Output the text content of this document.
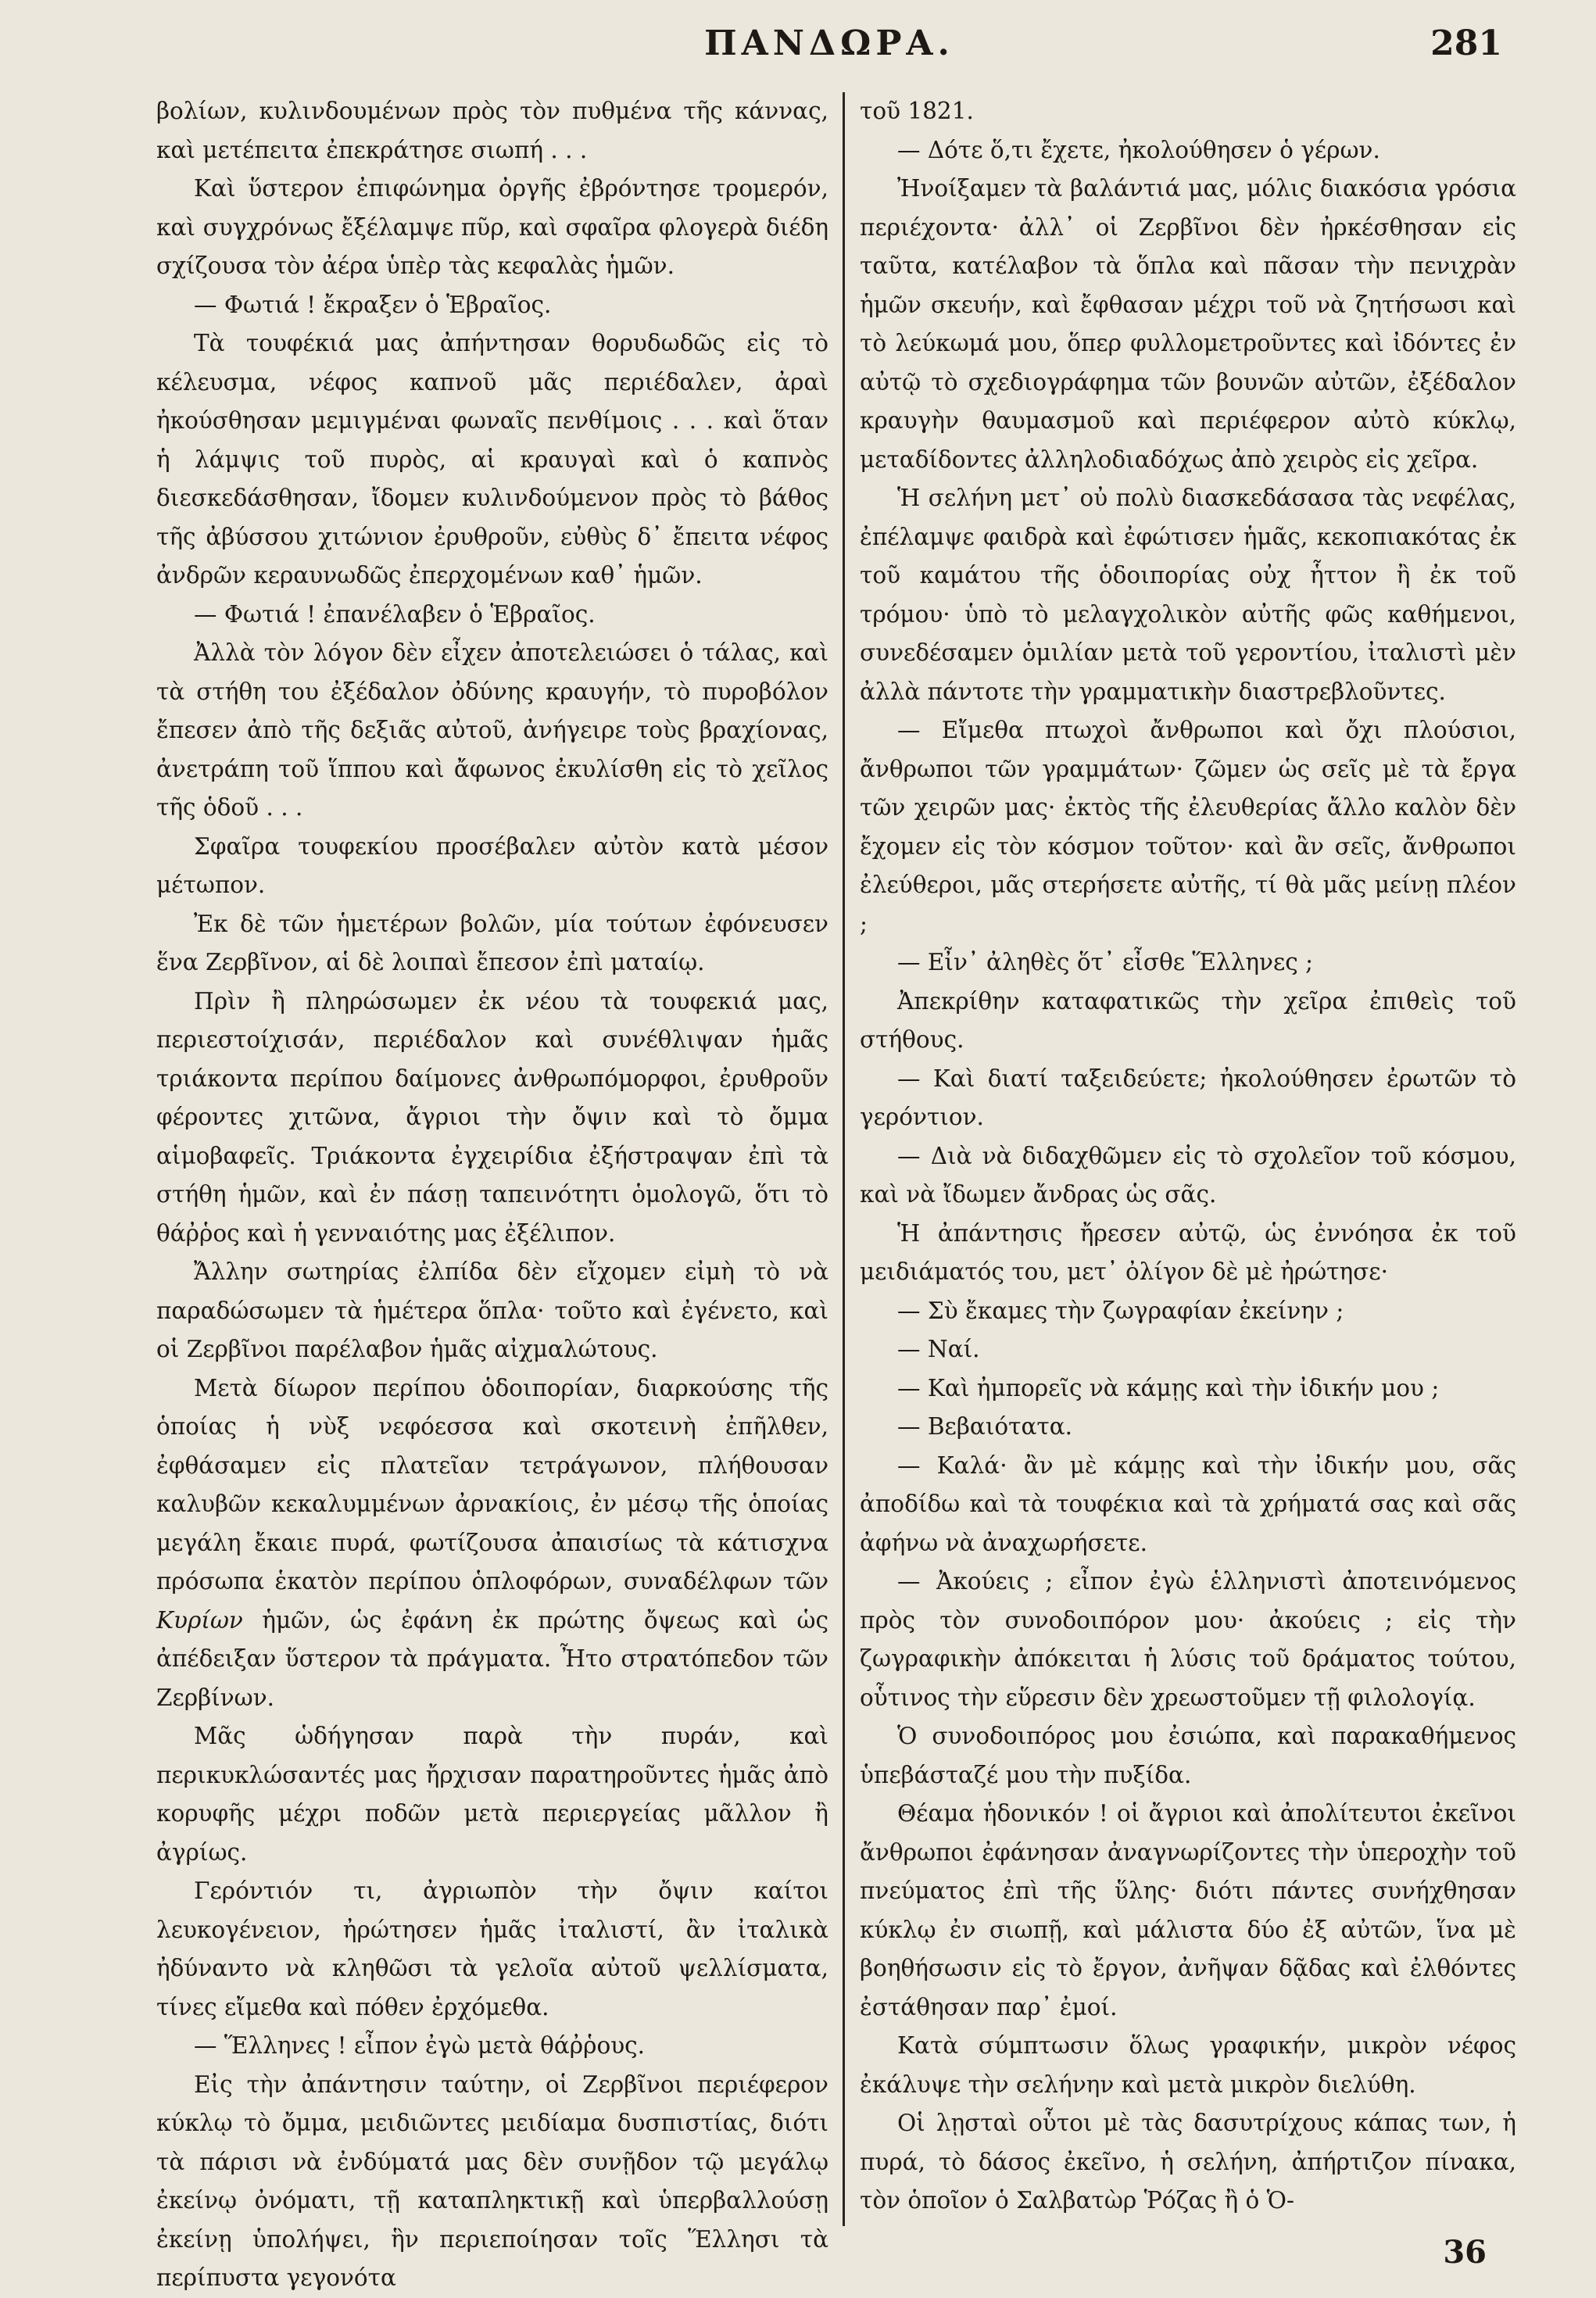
ΠΑΝΔΩΡΑ.	281

βολίων, κυλινδουμένων πρὸς τὸν πυθμένα τῆς κάννας, καὶ μετέπειτα ἐπεκράτησε σιωπή . . .

Καὶ ὕστερον ἐπιφώνημα ὀργῆς ἐβρόντησε τρομερόν, καὶ συγχρόνως ἔξέλαμψε πῦρ, καὶ σφαῖρα φλογερὰ διέδη σχίζουσα τὸν ἀέρα ὑπὲρ τὰς κεφαλὰς ἡμῶν.

— Φωτιά ! ἔκραξεν ὁ Ἑβραῖος.

Τὰ τουφέκιά μας ἀπήντησαν θορυδωδῶς εἰς τὸ κέλευσμα, νέφος καπνοῦ μᾶς περιέδαλεν, ἀραὶ ἠκούσθησαν μεμιγμέναι φωναῖς πενθίμοις . . . καὶ ὅταν ἡ λάμψις τοῦ πυρὸς, αἱ κραυγαὶ καὶ ὁ καπνὸς διεσκεδάσθησαν, ἴδομεν κυλινδούμενον πρὸς τὸ βάθος τῆς ἀβύσσου χιτώνιον ἐρυθροῦν, εὐθὺς δ᾽ ἔπειτα νέφος ἀνδρῶν κεραυνωδῶς ἐπερχομένων καθ᾽ ἡμῶν.

— Φωτιά ! ἐπανέλαβεν ὁ Ἑβραῖος.

Ἀλλὰ τὸν λόγον δὲν εἶχεν ἀποτελειώσει ὁ τάλας, καὶ τὰ στήθη του ἐξέδαλον ὀδύνης κραυγήν, τὸ πυροβόλον ἔπεσεν ἀπὸ τῆς δεξιᾶς αὐτοῦ, ἀνήγειρε τοὺς βραχίονας, ἀνετράπη τοῦ ἵππου καὶ ἄφωνος ἐκυλίσθη εἰς τὸ χεῖλος τῆς ὁδοῦ . . .

Σφαῖρα τουφεκίου προσέβαλεν αὐτὸν κατὰ μέσον μέτωπον.

Ἐκ δὲ τῶν ἡμετέρων βολῶν, μία τούτων ἐφόνευσεν ἕνα Ζερβῖνον, αἱ δὲ λοιπαὶ ἔπεσον ἐπὶ ματαίῳ.

Πρὶν ἢ πληρώσωμεν ἐκ νέου τὰ τουφεκιά μας, περιεστοίχισάν, περιέδαλον καὶ συνέθλιψαν ἡμᾶς τριάκοντα περίπου δαίμονες ἀνθρωπόμορφοι, ἐρυθροῦν φέροντες χιτῶνα, ἄγριοι τὴν ὄψιν καὶ τὸ ὄμμα αἱμοβαφεῖς. Τριάκοντα ἐγχειρίδια ἐξήστραψαν ἐπὶ τὰ στήθη ἡμῶν, καὶ ἐν πάσῃ ταπεινότητι ὁμολογῶ, ὅτι τὸ θάῤῥος καὶ ἡ γενναιότης μας ἐξέλιπον.

Ἄλλην σωτηρίας ἐλπίδα δὲν εἴχομεν εἰμὴ τὸ νὰ παραδώσωμεν τὰ ἡμέτερα ὅπλα· τοῦτο καὶ ἐγένετο, καὶ οἱ Ζερβῖνοι παρέλαβον ἡμᾶς αἰχμαλώτους.

Μετὰ δίωρον περίπου ὁδοιπορίαν, διαρκούσης τῆς ὁποίας ἡ νὺξ νεφόεσσα καὶ σκοτεινὴ ἐπῆλθεν, ἐφθάσαμεν εἰς πλατεῖαν τετράγωνον, πλήθουσαν καλυβῶν κεκαλυμμένων ἀρνακίοις, ἐν μέσῳ τῆς ὁποίας μεγάλη ἔκαιε πυρά, φωτίζουσα ἀπαισίως τὰ κάτισχνα πρόσωπα ἑκατὸν περίπου ὁπλοφόρων, συναδέλφων τῶν Κυρίων ἡμῶν, ὡς ἐφάνη ἐκ πρώτης ὄψεως καὶ ὡς ἀπέδειξαν ὕστερον τὰ πράγματα. Ἦτο στρατόπεδον τῶν Ζερβίνων.

Μᾶς ὡδήγησαν παρὰ τὴν πυράν, καὶ περικυκλώσαντές μας ἤρχισαν παρατηροῦντες ἡμᾶς ἀπὸ κορυφῆς μέχρι ποδῶν μετὰ περιεργείας μᾶλλον ἢ ἀγρίως.

Γερόντιόν τι, ἀγριωπὸν τὴν ὄψιν καίτοι λευκογένειον, ἠρώτησεν ἡμᾶς ἰταλιστί, ἂν ἰταλικὰ ἠδύναντο νὰ κληθῶσι τὰ γελοῖα αὐτοῦ ψελλίσματα, τίνες εἴμεθα καὶ πόθεν ἐρχόμεθα.

— Ἕλληνες ! εἶπον ἐγὼ μετὰ θάῤῥους.

Εἰς τὴν ἀπάντησιν ταύτην, οἱ Ζερβῖνοι περιέφερον κύκλῳ τὸ ὄμμα, μειδιῶντες μειδίαμα δυσπιστίας, διότι τὰ πάρισι νὰ ἐνδύματά μας δὲν συνῇδον τῷ μεγάλῳ ἐκείνῳ ὀνόματι, τῇ καταπληκτικῇ καὶ ὑπερβαλλούσῃ ἐκείνῃ ὑπολήψει, ἣν περιεποίησαν τοῖς Ἕλλησι τὰ περίπυστα γεγονότα

τοῦ 1821.

— Δότε ὅ,τι ἔχετε, ἠκολούθησεν ὁ γέρων.

Ἠνοίξαμεν τὰ βαλάντιά μας, μόλις διακόσια γρόσια περιέχοντα· ἀλλ᾽ οἱ Ζερβῖνοι δὲν ἠρκέσθησαν εἰς ταῦτα, κατέλαβον τὰ ὅπλα καὶ πᾶσαν τὴν πενιχρὰν ἡμῶν σκευήν, καὶ ἔφθασαν μέχρι τοῦ νὰ ζητήσωσι καὶ τὸ λεύκωμά μου, ὅπερ φυλλομετροῦντες καὶ ἰδόντες ἐν αὐτῷ τὸ σχεδιογράφημα τῶν βουνῶν αὐτῶν, ἐξέδαλον κραυγὴν θαυμασμοῦ καὶ περιέφερον αὐτὸ κύκλῳ, μεταδίδοντες ἀλληλοδιαδόχως ἀπὸ χειρὸς εἰς χεῖρα.

Ἡ σελήνη μετ᾽ οὐ πολὺ διασκεδάσασα τὰς νεφέλας, ἐπέλαμψε φαιδρὰ καὶ ἐφώτισεν ἡμᾶς, κεκοπιακότας ἐκ τοῦ καμάτου τῆς ὁδοιπορίας οὐχ ἧττον ἢ ἐκ τοῦ τρόμου· ὑπὸ τὸ μελαγχολικὸν αὐτῆς φῶς καθήμενοι, συνεδέσαμεν ὁμιλίαν μετὰ τοῦ γεροντίου, ἰταλιστὶ μὲν ἀλλὰ πάντοτε τὴν γραμματικὴν διαστρεβλοῦντες.

— Εἴμεθα πτωχοὶ ἄνθρωποι καὶ ὄχι πλούσιοι, ἄνθρωποι τῶν γραμμάτων· ζῶμεν ὡς σεῖς μὲ τὰ ἔργα τῶν χειρῶν μας· ἐκτὸς τῆς ἐλευθερίας ἄλλο καλὸν δὲν ἔχομεν εἰς τὸν κόσμον τοῦτον· καὶ ἂν σεῖς, ἄνθρωποι ἐλεύθεροι, μᾶς στερήσετε αὐτῆς, τί θὰ μᾶς μείνῃ πλέον ;

— Εἶν᾽ ἀληθὲς ὅτ᾽ εἶσθε Ἕλληνες ;

Ἀπεκρίθην καταφατικῶς τὴν χεῖρα ἐπιθεὶς τοῦ στήθους.

— Καὶ διατί ταξειδεύετε; ἠκολούθησεν ἐρωτῶν τὸ γερόντιον.

— Διὰ νὰ διδαχθῶμεν εἰς τὸ σχολεῖον τοῦ κόσμου, καὶ νὰ ἴδωμεν ἄνδρας ὡς σᾶς.

Ἡ ἀπάντησις ἤρεσεν αὐτῷ, ὡς ἐννόησα ἐκ τοῦ μειδιάματός του, μετ᾽ ὀλίγον δὲ μὲ ἠρώτησε·

— Σὺ ἔκαμες τὴν ζωγραφίαν ἐκείνην ;

— Ναί.

— Καὶ ἠμπορεῖς νὰ κάμῃς καὶ τὴν ἰδικήν μου ;

— Βεβαιότατα.

— Καλά· ἂν μὲ κάμῃς καὶ τὴν ἰδικήν μου, σᾶς ἀποδίδω καὶ τὰ τουφέκια καὶ τὰ χρήματά σας καὶ σᾶς ἀφήνω νὰ ἀναχωρήσετε.

— Ἀκούεις ; εἶπον ἐγὼ ἑλληνιστὶ ἀποτεινόμενος πρὸς τὸν συνοδοιπόρον μου· ἀκούεις ; εἰς τὴν ζωγραφικὴν ἀπόκειται ἡ λύσις τοῦ δράματος τούτου, οὗτινος τὴν εὕρεσιν δὲν χρεωστοῦμεν τῇ φιλολογίᾳ.

Ὁ συνοδοιπόρος μου ἐσιώπα, καὶ παρακαθήμενος ὑπεβάσταζέ μου τὴν πυξίδα.

Θέαμα ἡδονικόν ! οἱ ἄγριοι καὶ ἀπολίτευτοι ἐκεῖνοι ἄνθρωποι ἐφάνησαν ἀναγνωρίζοντες τὴν ὑπεροχὴν τοῦ πνεύματος ἐπὶ τῆς ὕλης· διότι πάντες συνήχθησαν κύκλῳ ἐν σιωπῇ, καὶ μάλιστα δύο ἐξ αὐτῶν, ἵνα μὲ βοηθήσωσιν εἰς τὸ ἔργον, ἀνῆψαν δᾷδας καὶ ἐλθόντες ἐστάθησαν παρ᾽ ἐμοί.

Κατὰ σύμπτωσιν ὅλως γραφικήν, μικρὸν νέφος ἐκάλυψε τὴν σελήνην καὶ μετὰ μικρὸν διελύθη.

Οἱ λῃσταὶ οὗτοι μὲ τὰς δασυτρίχους κάπας των, ἡ πυρά, τὸ δάσος ἐκεῖνο, ἡ σελήνη, ἀπήρτιζον πίνακα, τὸν ὁποῖον ὁ Σαλβατὼρ Ῥόζας ἢ ὁ Ὁ-

36
